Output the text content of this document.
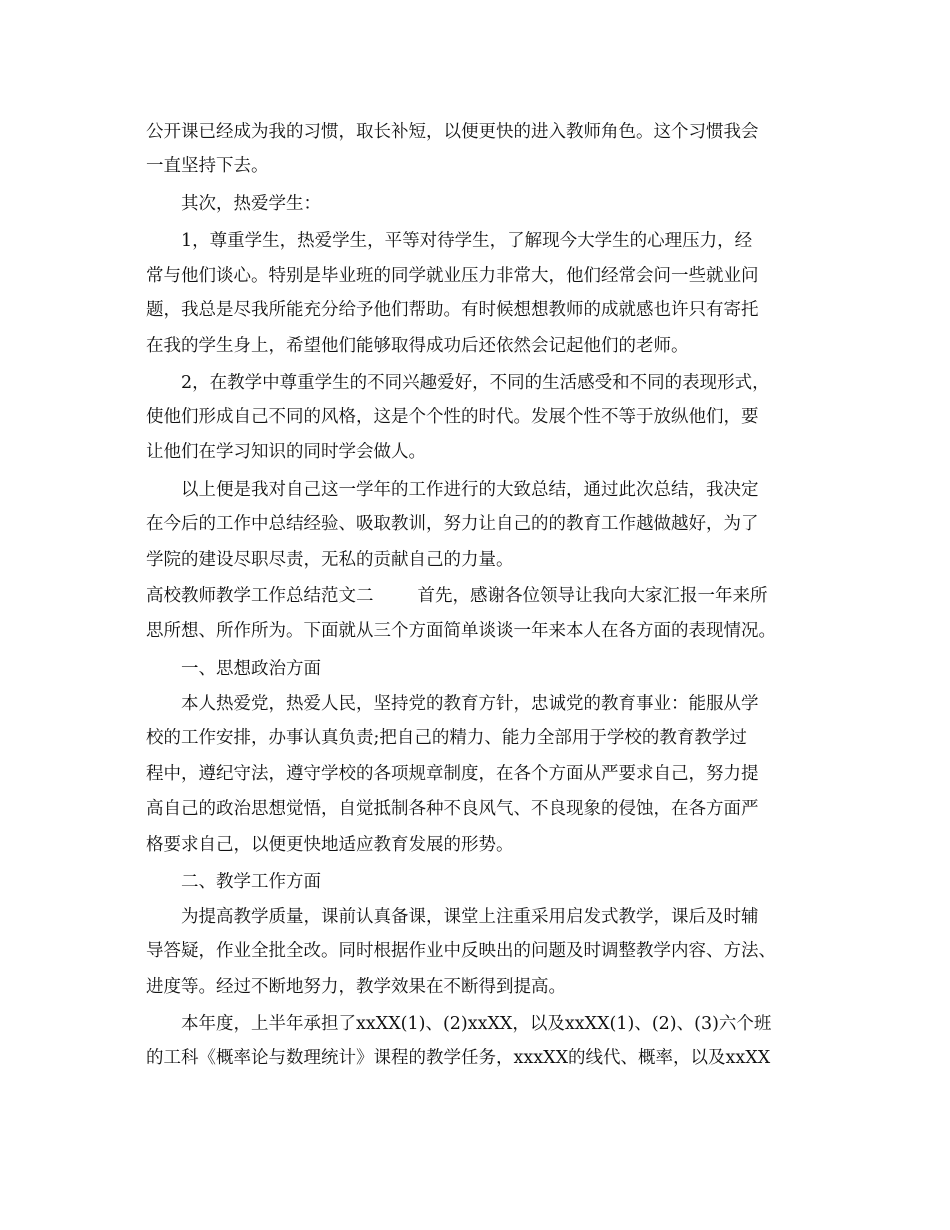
公开课已经成为我的习惯，取长补短，以便更快的进入教师角色。这个习惯我会
一直坚持下去。
其次，热爱学生：
1，尊重学生，热爱学生，平等对待学生，了解现今大学生的心理压力，经
常与他们谈心。特别是毕业班的同学就业压力非常大，他们经常会问一些就业问
题，我总是尽我所能充分给予他们帮助。有时候想想教师的成就感也许只有寄托
在我的学生身上，希望他们能够取得成功后还依然会记起他们的老师。
2，在教学中尊重学生的不同兴趣爱好，不同的生活感受和不同的表现形式，
使他们形成自己不同的风格，这是个个性的时代。发展个性不等于放纵他们，要
让他们在学习知识的同时学会做人。
以上便是我对自己这一学年的工作进行的大致总结，通过此次总结，我决定
在今后的工作中总结经验、吸取教训，努力让自己的的教育工作越做越好，为了
学院的建设尽职尽责，无私的贡献自己的力量。
高校教师教学工作总结范文二	首先，感谢各位领导让我向大家汇报一年来所
思所想、所作所为。下面就从三个方面简单谈谈一年来本人在各方面的表现情况。
一、思想政治方面
本人热爱党，热爱人民，坚持党的教育方针，忠诚党的教育事业：能服从学
校的工作安排，办事认真负责;把自己的精力、能力全部用于学校的教育教学过
程中，遵纪守法，遵守学校的各项规章制度，在各个方面从严要求自己，努力提
高自己的政治思想觉悟，自觉抵制各种不良风气、不良现象的侵蚀，在各方面严
格要求自己，以便更快地适应教育发展的形势。
二、教学工作方面
为提高教学质量，课前认真备课，课堂上注重采用启发式教学，课后及时辅
导答疑，作业全批全改。同时根据作业中反映出的问题及时调整教学内容、方法、
进度等。经过不断地努力，教学效果在不断得到提高。
本年度，上半年承担了xxXX(1)、(2)xxXX，以及xxXX(1)、(2)、(3)六个班
的工科《概率论与数理统计》课程的教学任务，xxxXX的线代、概率，以及xxXX
